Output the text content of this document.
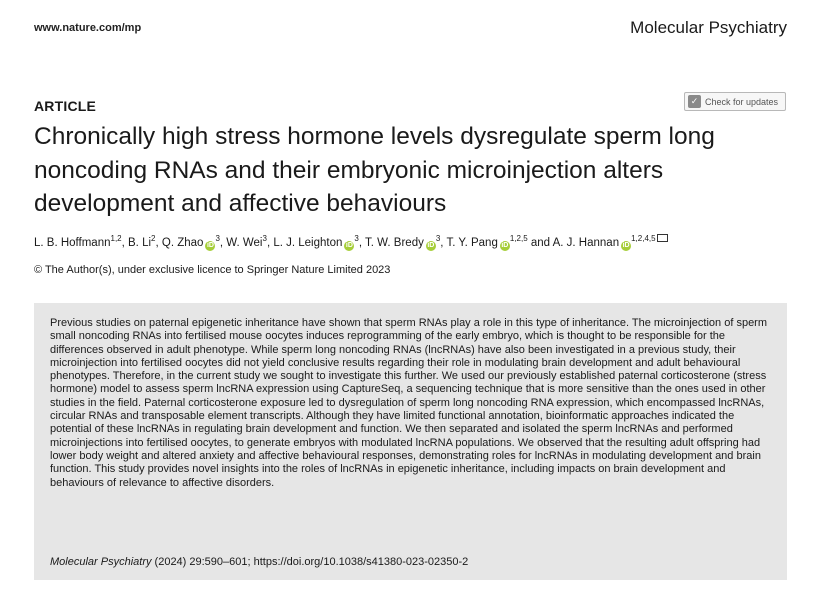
www.nature.com/mp	Molecular Psychiatry
ARTICLE	✓ Check for updates
Chronically high stress hormone levels dysregulate sperm long noncoding RNAs and their embryonic microinjection alters development and affective behaviours
L. B. Hoffmann$^{1,2}$, B. Li$^2$, Q. Zhao $iD^3$, W. Wei$^3$, L. J. Leighton $iD^3$, T. W. Bredy $iD^3$, T. Y. Pang iD$^{1,2,5}$ and A. J. Hannan iD$^{1,2,4,5}$
© The Author(s), under exclusive licence to Springer Nature Limited 2023

Previous studies on paternal epigenetic inheritance have shown that sperm RNAs play a role in this type of inheritance. The microinjection of sperm small noncoding RNAs into fertilised mouse oocytes induces reprogramming of the early embryo, which is thought to be responsible for the differences observed in adult phenotype. While sperm long noncoding RNAs (lncRNAs) have also been investigated in a previous study, their microinjection into fertilised oocytes did not yield conclusive results regarding their role in modulating brain development and adult behavioural phenotypes. Therefore, in the current study we sought to investigate this further. We used our previously established paternal corticosterone (stress hormone) model to assess sperm lncRNA expression using CaptureSeq, a sequencing technique that is more sensitive than the ones used in other studies in the field. Paternal corticosterone exposure led to dysregulation of sperm long noncoding RNA expression, which encompassed lncRNAs, circular RNAs and transposable element transcripts. Although they have limited functional annotation, bioinformatic approaches indicated the potential of these lncRNAs in regulating brain development and function. We then separated and isolated the sperm lncRNAs and performed microinjections into fertilised oocytes, to generate embryos with modulated lncRNA populations. We observed that the resulting adult offspring had lower body weight and altered anxiety and affective behavioural responses, demonstrating roles for lncRNAs in modulating development and brain function. This study provides novel insights into the roles of lncRNAs in epigenetic inheritance, including impacts on brain development and behaviours of relevance to affective disorders.

Molecular Psychiatry (2024) 29:590–601; https://doi.org/10.1038/s41380-023-02350-2
